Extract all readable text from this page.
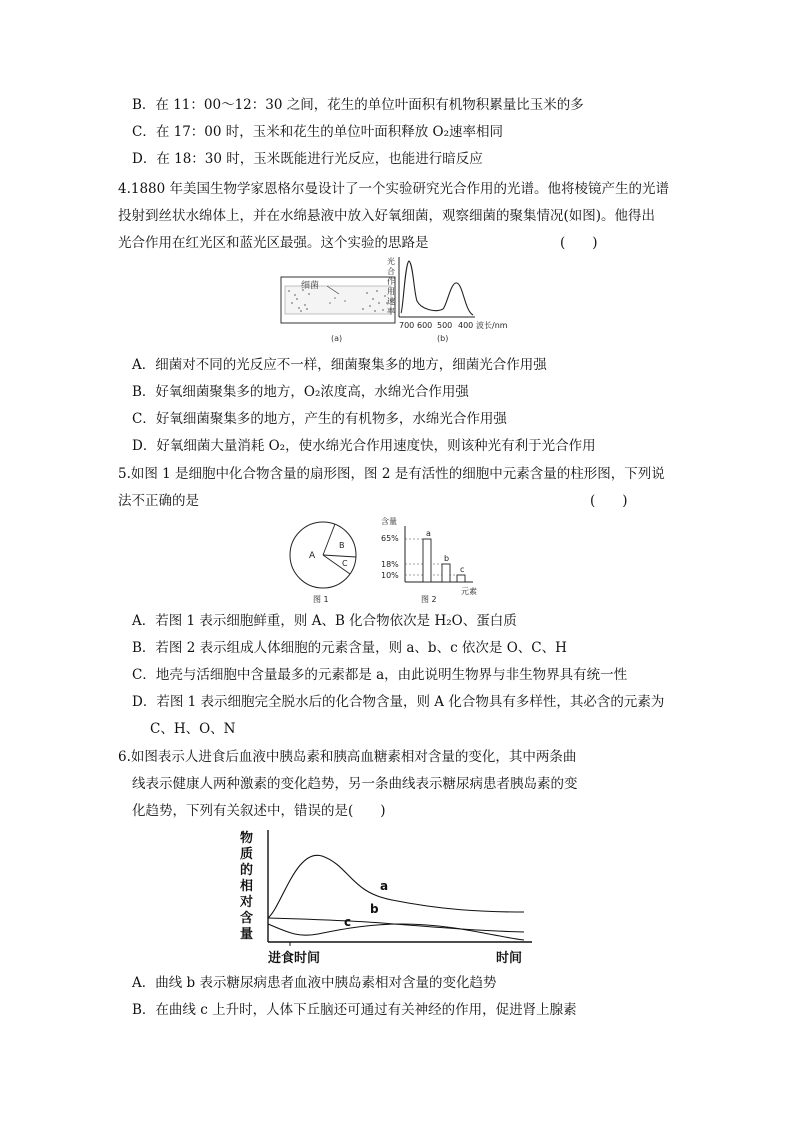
B．在 11：00～12：30 之间，花生的单位叶面积有机物积累量比玉米的多
C．在 17：00 时，玉米和花生的单位叶面积释放 O₂速率相同
D．在 18：30 时，玉米既能进行光反应，也能进行暗反应
4.1880 年美国生物学家恩格尔曼设计了一个实验研究光合作用的光谱。他将棱镜产生的光谱
投射到丝状水绵体上，并在水绵悬液中放入好氧细菌，观察细菌的聚集情况(如图)。他得出
光合作用在红光区和蓝光区最强。这个实验的思路是	(　　)
细菌
(a)
光
合
作
用
速
率
700 600 500 400 波长/nm
(b)
A．细菌对不同的光反应不一样，细菌聚集多的地方，细菌光合作用强
B．好氧细菌聚集多的地方，O₂浓度高，水绵光合作用强
C．好氧细菌聚集多的地方，产生的有机物多，水绵光合作用强
D．好氧细菌大量消耗 O₂，使水绵光合作用速度快，则该种光有利于光合作用
5.如图 1 是细胞中化合物含量的扇形图，图 2 是有活性的细胞中元素含量的柱形图，下列说
法不正确的是	(　　)
A
B
C
图 1
含量
65%
18%
10%
a
b
c
元素
图 2
A．若图 1 表示细胞鲜重，则 A、B 化合物依次是 H₂O、蛋白质
B．若图 2 表示组成人体细胞的元素含量，则 a、b、c 依次是 O、C、H
C．地壳与活细胞中含量最多的元素都是 a，由此说明生物界与非生物界具有统一性
D．若图 1 表示细胞完全脱水后的化合物含量，则 A 化合物具有多样性，其必含的元素为
C、H、O、N
6.如图表示人进食后血液中胰岛素和胰高血糖素相对含量的变化，其中两条曲
线表示健康人两种激素的变化趋势，另一条曲线表示糖尿病患者胰岛素的变
化趋势，下列有关叙述中，错误的是(　　)
物
质
的
相
对
含
量
a
b
c
进食时间	时间
A．曲线 b 表示糖尿病患者血液中胰岛素相对含量的变化趋势
B．在曲线 c 上升时，人体下丘脑还可通过有关神经的作用，促进肾上腺素
